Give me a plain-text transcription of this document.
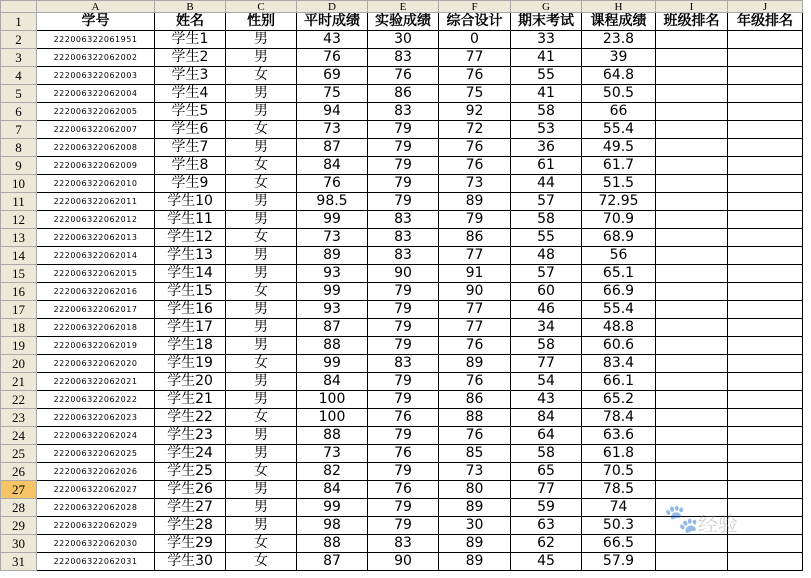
	A	B	C	D	E	F	G	H	I	J
1	学号	姓名	性别	平时成绩	实验成绩	综合设计	期末考试	课程成绩	班级排名	年级排名
2	222006322061951	学生1	男	43	30	0	33	23.8		
3	222006322062002	学生2	男	76	83	77	41	39		
4	222006322062003	学生3	女	69	76	76	55	64.8		
5	222006322062004	学生4	男	75	86	75	41	50.5		
6	222006322062005	学生5	男	94	83	92	58	66		
7	222006322062007	学生6	女	73	79	72	53	55.4		
8	222006322062008	学生7	男	87	79	76	36	49.5		
9	222006322062009	学生8	女	84	79	76	61	61.7		
10	222006322062010	学生9	女	76	79	73	44	51.5		
11	222006322062011	学生10	男	98.5	79	89	57	72.95		
12	222006322062012	学生11	男	99	83	79	58	70.9		
13	222006322062013	学生12	女	73	83	86	55	68.9		
14	222006322062014	学生13	男	89	83	77	48	56		
15	222006322062015	学生14	男	93	90	91	57	65.1		
16	222006322062016	学生15	女	99	79	90	60	66.9		
17	222006322062017	学生16	男	93	79	77	46	55.4		
18	222006322062018	学生17	男	87	79	77	34	48.8		
19	222006322062019	学生18	男	88	79	76	58	60.6		
20	222006322062020	学生19	女	99	83	89	77	83.4		
21	222006322062021	学生20	男	84	79	76	54	66.1		
22	222006322062022	学生21	男	100	79	86	43	65.2		
23	222006322062023	学生22	女	100	76	88	84	78.4		
24	222006322062024	学生23	男	88	79	76	64	63.6		
25	222006322062025	学生24	男	73	76	85	58	61.8		
26	222006322062026	学生25	女	82	79	73	65	70.5		
27	222006322062027	学生26	男	84	76	80	77	78.5		
28	222006322062028	学生27	男	99	79	89	59	74		
29	222006322062029	学生28	男	98	79	30	63	50.3		
30	222006322062030	学生29	女	88	83	89	62	66.5		
31	222006322062031	学生30	女	87	90	89	45	57.9		
🐾 经验
